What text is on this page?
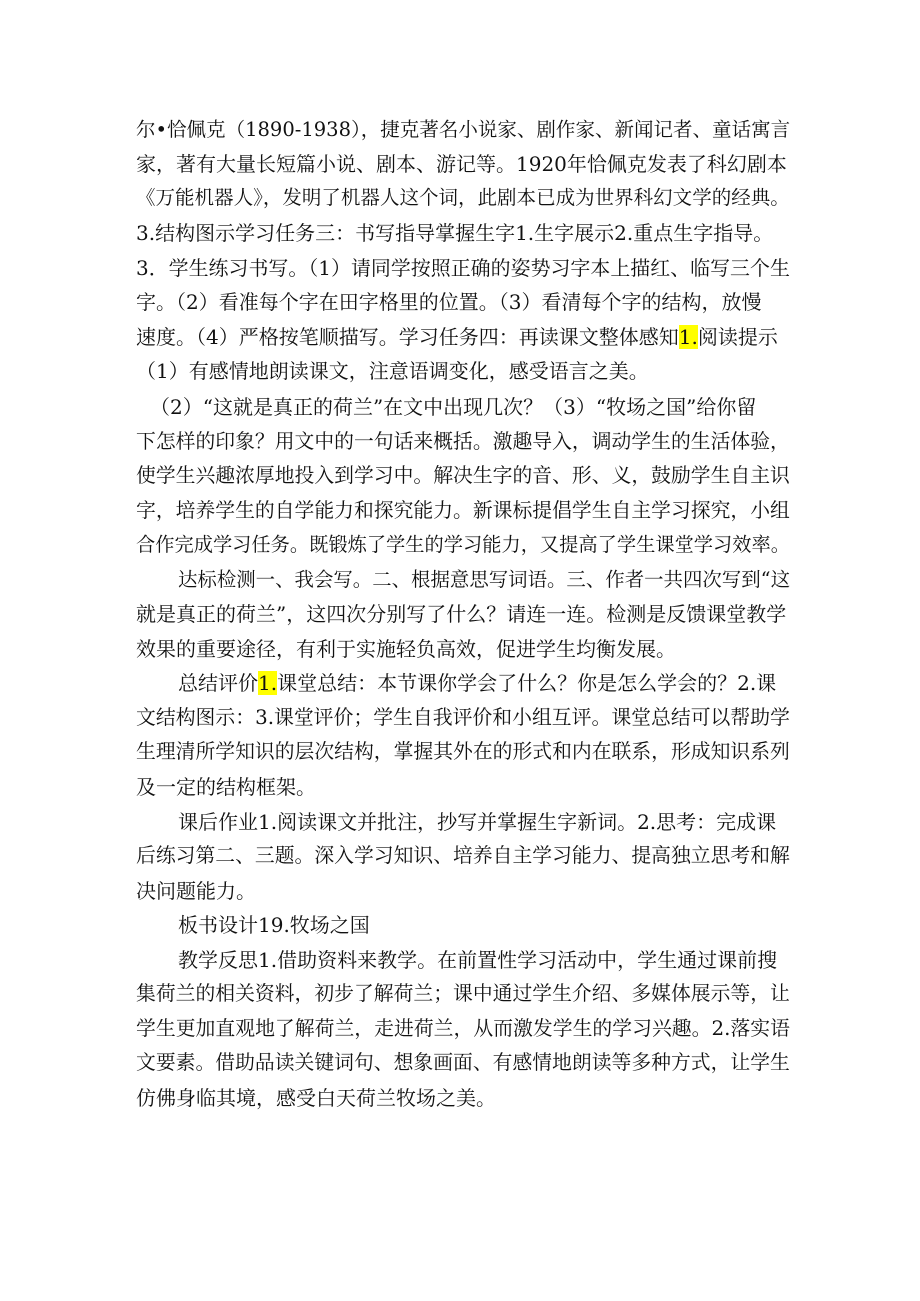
尔•恰佩克（1890-1938），捷克著名小说家、剧作家、新闻记者、童话寓言
家，著有大量长短篇小说、剧本、游记等。1920年恰佩克发表了科幻剧本
《万能机器人》，发明了机器人这个词，此剧本已成为世界科幻文学的经典。
3.结构图示学习任务三：书写指导掌握生字1.生字展示2.重点生字指导。
3．学生练习书写。（1）请同学按照正确的姿势习字本上描红、临写三个生
字。（2）看准每个字在田字格里的位置。（3）看清每个字的结构，放慢
速度。（4）严格按笔顺描写。学习任务四：再读课文整体感知1.阅读提示
（1）有感情地朗读课文，注意语调变化，感受语言之美。
（2）“这就是真正的荷兰”在文中出现几次？（3）“牧场之国”给你留
下怎样的印象？用文中的一句话来概括。激趣导入，调动学生的生活体验，
使学生兴趣浓厚地投入到学习中。解决生字的音、形、义，鼓励学生自主识
字，培养学生的自学能力和探究能力。新课标提倡学生自主学习探究，小组
合作完成学习任务。既锻炼了学生的学习能力，又提高了学生课堂学习效率。
达标检测一、我会写。二、根据意思写词语。三、作者一共四次写到“这
就是真正的荷兰”，这四次分别写了什么？请连一连。检测是反馈课堂教学
效果的重要途径，有利于实施轻负高效，促进学生均衡发展。
总结评价1.课堂总结：本节课你学会了什么？你是怎么学会的？2.课
文结构图示：3.课堂评价；学生自我评价和小组互评。课堂总结可以帮助学
生理清所学知识的层次结构，掌握其外在的形式和内在联系，形成知识系列
及一定的结构框架。
课后作业1.阅读课文并批注，抄写并掌握生字新词。2.思考：完成课
后练习第二、三题。深入学习知识、培养自主学习能力、提高独立思考和解
决问题能力。
板书设计19.牧场之国
教学反思1.借助资料来教学。在前置性学习活动中，学生通过课前搜
集荷兰的相关资料，初步了解荷兰；课中通过学生介绍、多媒体展示等，让
学生更加直观地了解荷兰，走进荷兰，从而激发学生的学习兴趣。2.落实语
文要素。借助品读关键词句、想象画面、有感情地朗读等多种方式，让学生
仿佛身临其境，感受白天荷兰牧场之美。
